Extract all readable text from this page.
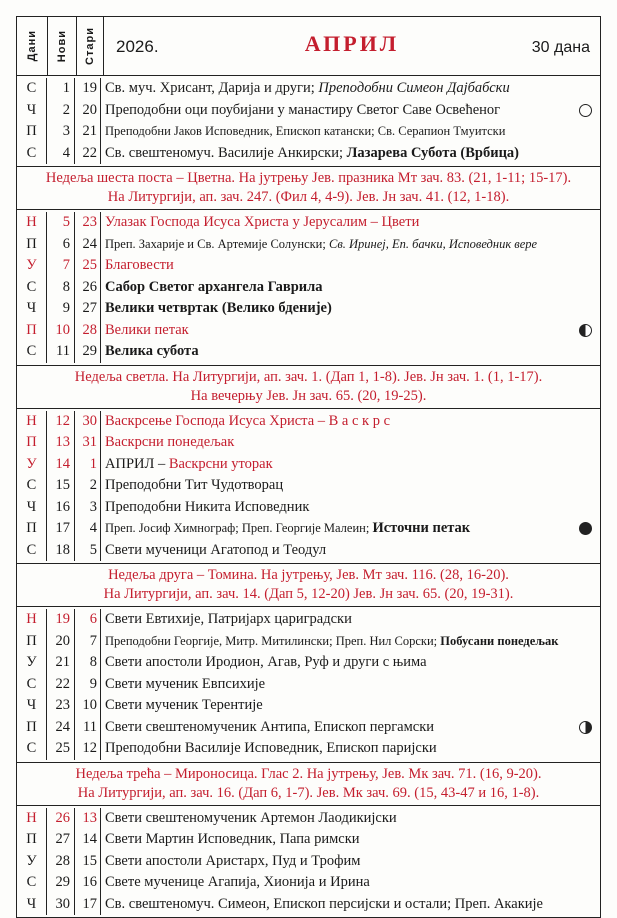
Дани Нови Стари 2026.	АПРИЛ	30 дана
С	1 19 Св. муч. Хрисант, Дарија и други; Преподобни Симеон Дајбабски
Ч	2 20 Преподобни оци поубијани у манастиру Светог Саве Освећеног
П	3 21 Преподобни Јаков Исповедник, Епископ катански; Св. Серапион Тмуитски
С	4 22 Св. свештеномуч. Василије Анкирски; Лазарева Субота (Врбица)
Недеља шеста поста – Цветна. На јутрењу Јев. празника Мт зач. 83. (21, 1-11; 15-17).
На Литургији, ап. зач. 247. (Фил 4, 4-9). Јев. Јн зач. 41. (12, 1-18).
Н	5 23 Улазак Господа Исуса Христа у Јерусалим – Цвети
П	6 24 Преп. Захарије и Св. Артемије Солунски; Св. Иринеј, Еп. бачки, Исповедник вере
У	7 25 Благовести
С	8 26 Сабор Светог архангела Гаврила
Ч	9 27 Велики четвртак (Велико бденије)
П	10 28 Велики петак
С	11 29 Велика субота
Недеља светла. На Литургији, ап. зач. 1. (Дап 1, 1-8). Јев. Јн зач. 1. (1, 1-17).
На вечерњу Јев. Јн зач. 65. (20, 19-25).
Н	12 30 Васкрсење Господа Исуса Христа – В а с к р с
П	13 31 Васкрсни понедељак
У	14	1 АПРИЛ – Васкрсни уторак
С	15	2 Преподобни Тит Чудотворац
Ч	16	3 Преподобни Никита Исповедник
П	17	4 Преп. Јосиф Химнограф; Преп. Георгије Малеин; Источни петак
С	18	5 Свети мученици Агатопод и Теодул
Недеља друга – Томина. На јутрењу, Јев. Мт зач. 116. (28, 16-20).
На Литургији, ап. зач. 14. (Дап 5, 12-20) Јев. Јн зач. 65. (20, 19-31).
Н	19	6 Свети Евтихије, Патријарх цариградски
П	20	7 Преподобни Георгије, Митр. Митилински; Преп. Нил Сорски; Побусани понедељак
У	21	8 Свети апостоли Иродион, Агав, Руф и други с њима
С	22	9 Свети мученик Евпсихије
Ч	23 10 Свети мученик Терентије
П	24 11 Свети свештеномученик Антипа, Епископ пергамски
С	25 12 Преподобни Василије Исповедник, Епископ паријски
Недеља трећа – Мироносица. Глас 2. На јутрењу, Јев. Мк зач. 71. (16, 9-20).
На Литургији, ап. зач. 16. (Дап 6, 1-7). Јев. Мк зач. 69. (15, 43-47 и 16, 1-8).
Н	26 13 Свети свештеномученик Артемон Лаодикијски
П	27 14 Свети Мартин Исповедник, Папа римски
У	28 15 Свети апостоли Аристарх, Пуд и Трофим
С	29 16 Свете мученице Агапија, Хионија и Ирина
Ч	30 17 Св. свештеномуч. Симеон, Епископ персијски и остали; Преп. Акакије
